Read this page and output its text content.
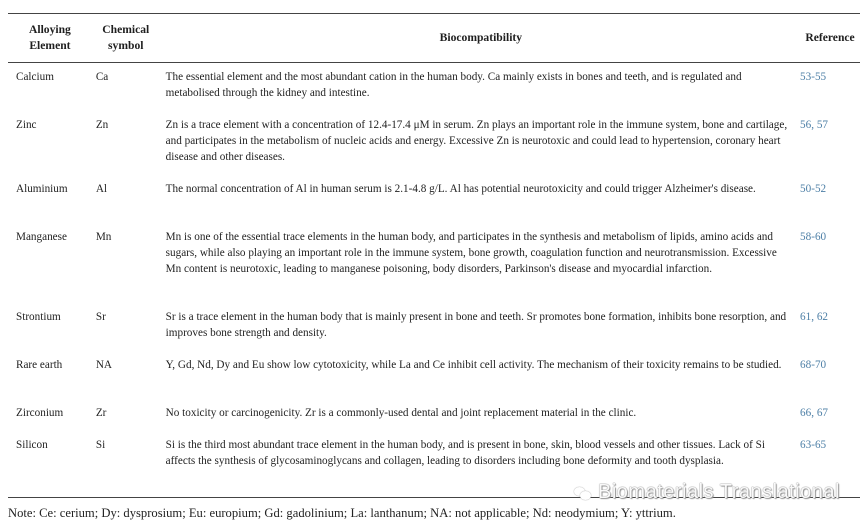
Alloying Element	Chemical symbol	Biocompatibility	Reference
Calcium	Ca	The essential element and the most abundant cation in the human body. Ca mainly exists in bones and teeth, and is regulated and metabolised through the kidney and intestine.	53-55
Zinc	Zn	Zn is a trace element with a concentration of 12.4-17.4 μM in serum. Zn plays an important role in the immune system, bone and cartilage, and participates in the metabolism of nucleic acids and energy. Excessive Zn is neurotoxic and could lead to hypertension, coronary heart disease and other diseases.	56, 57
Aluminium	Al	The normal concentration of Al in human serum is 2.1-4.8 g/L. Al has potential neurotoxicity and could trigger Alzheimer's disease.	50-52
Manganese	Mn	Mn is one of the essential trace elements in the human body, and participates in the synthesis and metabolism of lipids, amino acids and sugars, while also playing an important role in the immune system, bone growth, coagulation function and neurotransmission. Excessive Mn content is neurotoxic, leading to manganese poisoning, body disorders, Parkinson's disease and myocardial infarction.	58-60
Strontium	Sr	Sr is a trace element in the human body that is mainly present in bone and teeth. Sr promotes bone formation, inhibits bone resorption, and improves bone strength and density.	61, 62
Rare earth	NA	Y, Gd, Nd, Dy and Eu show low cytotoxicity, while La and Ce inhibit cell activity. The mechanism of their toxicity remains to be studied.	68-70
Zirconium	Zr	No toxicity or carcinogenicity. Zr is a commonly-used dental and joint replacement material in the clinic.	66, 67
Silicon	Si	Si is the third most abundant trace element in the human body, and is present in bone, skin, blood vessels and other tissues. Lack of Si affects the synthesis of glycosaminoglycans and collagen, leading to disorders including bone deformity and tooth dysplasia.	63-65
Note: Ce: cerium; Dy: dysprosium; Eu: europium; Gd: gadolinium; La: lanthanum; NA: not applicable; Nd: neodymium; Y: yttrium.
Biomaterials Translational
